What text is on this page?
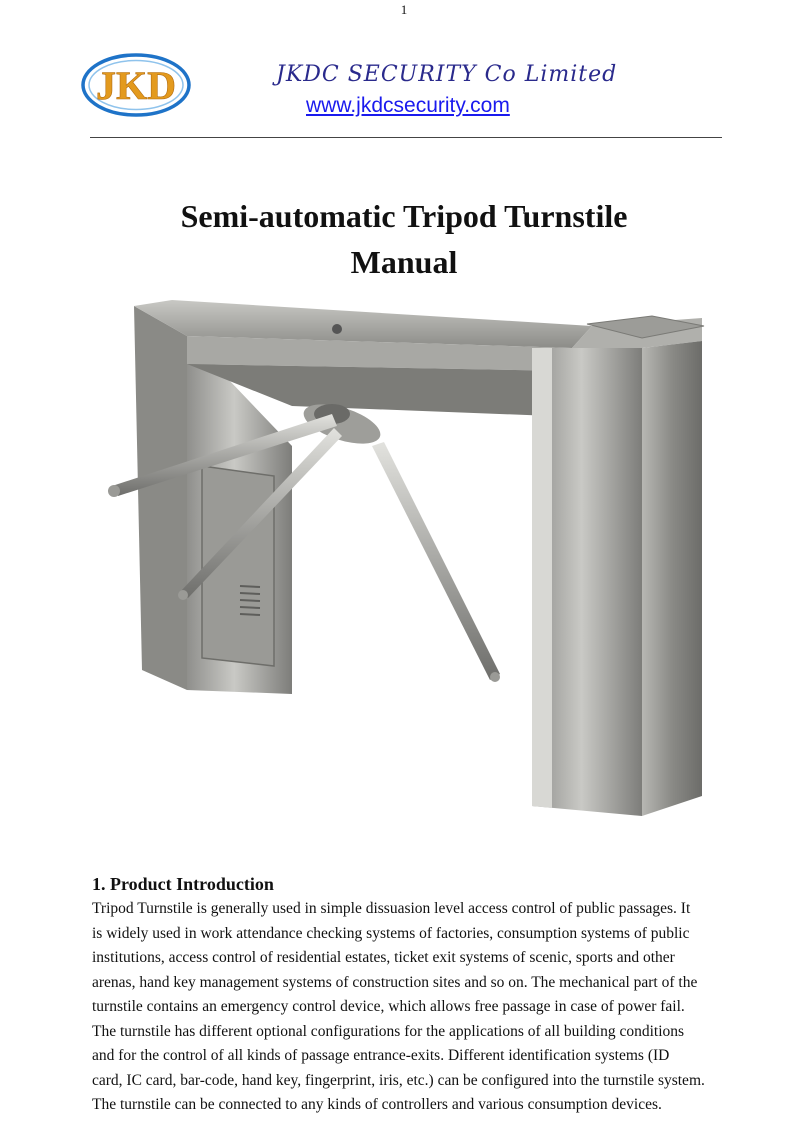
1
JKD	JKDC SECURITY Co Limited
www.jkdcsecurity.com
Semi-automatic Tripod Turnstile
Manual
1. Product Introduction
Tripod Turnstile is generally used in simple dissuasion level access control of public passages. It
is widely used in work attendance checking systems of factories, consumption systems of public
institutions, access control of residential estates, ticket exit systems of scenic, sports and other
arenas, hand key management systems of construction sites and so on. The mechanical part of the
turnstile contains an emergency control device, which allows free passage in case of power fail.
The turnstile has different optional configurations for the applications of all building conditions
and for the control of all kinds of passage entrance-exits. Different identification systems (ID
card, IC card, bar-code, hand key, fingerprint, iris, etc.) can be configured into the turnstile system.
The turnstile can be connected to any kinds of controllers and various consumption devices.
